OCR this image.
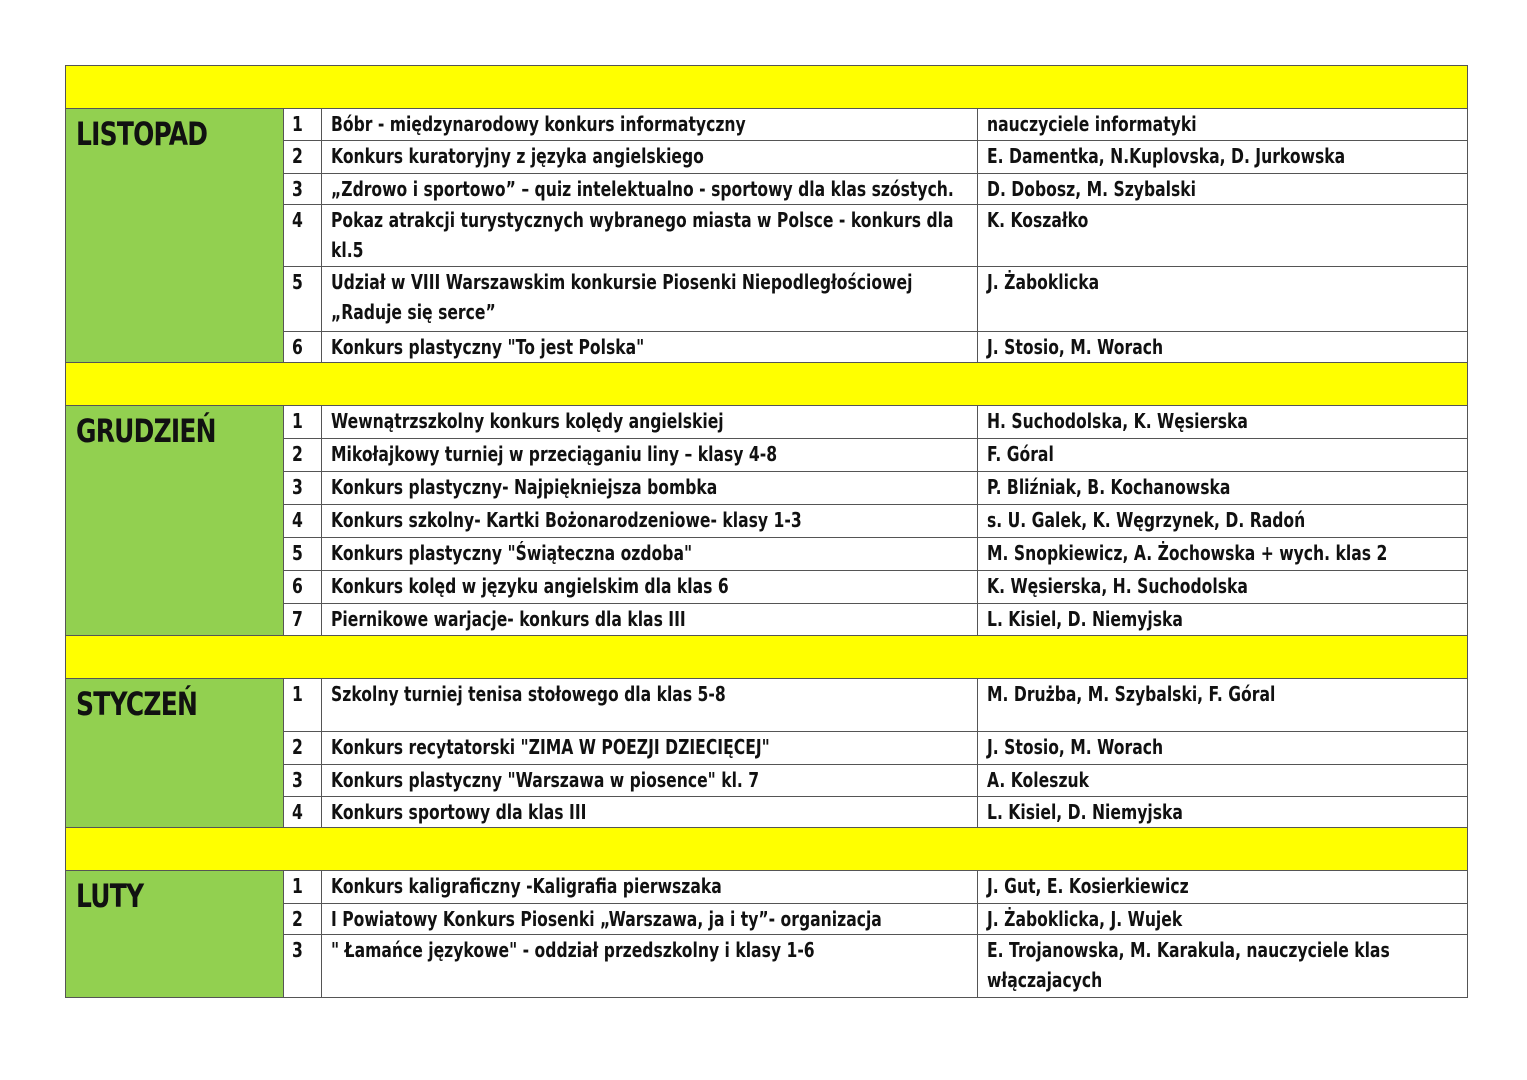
LISTOPAD	1	Bóbr - międzynarodowy konkurs informatyczny	nauczyciele informatyki
	2	Konkurs kuratoryjny z języka angielskiego	E. Damentka, N.Kuplovska, D. Jurkowska
	3	„Zdrowo i sportowo” – quiz intelektualno - sportowy dla klas szóstych.	D. Dobosz, M. Szybalski
	4	Pokaz atrakcji turystycznych wybranego miasta w Polsce - konkurs dla kl.5	K. Koszałko
	5	Udział w VIII Warszawskim konkursie Piosenki Niepodległościowej „Raduje się serce”	J. Żaboklicka
	6	Konkurs plastyczny "To jest Polska"	J. Stosio, M. Worach

GRUDZIEŃ	1	Wewnątrzszkolny konkurs kolędy angielskiej	H. Suchodolska, K. Węsierska
	2	Mikołajkowy turniej w przeciąganiu liny – klasy 4-8	F. Góral
	3	Konkurs plastyczny- Najpiękniejsza bombka	P. Bliźniak, B. Kochanowska
	4	Konkurs szkolny- Kartki Bożonarodzeniowe- klasy 1-3	s. U. Galek, K. Węgrzynek, D. Radoń
	5	Konkurs plastyczny "Świąteczna ozdoba"	M. Snopkiewicz, A. Żochowska + wych. klas 2
	6	Konkurs kolęd w języku angielskim dla klas 6	K. Węsierska, H. Suchodolska
	7	Piernikowe warjacje- konkurs dla klas III	L. Kisiel, D. Niemyjska

STYCZEŃ	1	Szkolny turniej tenisa stołowego dla klas 5-8	M. Drużba, M. Szybalski, F. Góral
	2	Konkurs recytatorski "ZIMA W POEZJI DZIECIĘCEJ"	J. Stosio, M. Worach
	3	Konkurs plastyczny "Warszawa w piosence" kl. 7	A. Koleszuk
	4	Konkurs sportowy dla klas III	L. Kisiel, D. Niemyjska

LUTY	1	Konkurs kaligraficzny -Kaligrafia pierwszaka	J. Gut, E. Kosierkiewicz
	2	I Powiatowy Konkurs Piosenki „Warszawa, ja i ty”- organizacja	J. Żaboklicka, J. Wujek
	3	" Łamańce językowe" - oddział przedszkolny i klasy 1-6	E. Trojanowska, M. Karakula, nauczyciele klas włączajacych
